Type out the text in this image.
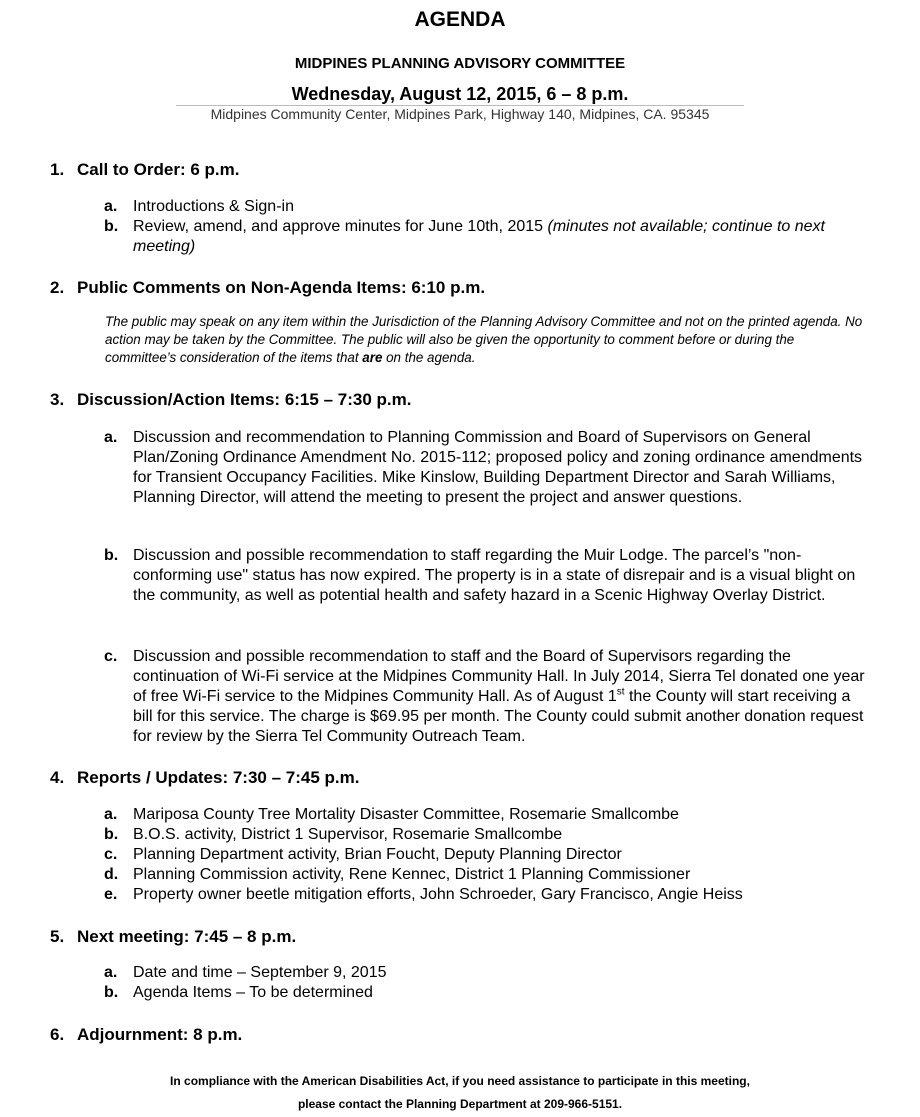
AGENDA
MIDPINES PLANNING ADVISORY COMMITTEE
Wednesday, August 12, 2015, 6 – 8 p.m.
Midpines Community Center, Midpines Park, Highway 140, Midpines, CA. 95345
1. Call to Order: 6 p.m.
a. Introductions & Sign-in
b. Review, amend, and approve minutes for June 10th, 2015 (minutes not available; continue to next meeting)
2. Public Comments on Non-Agenda Items: 6:10 p.m.
The public may speak on any item within the Jurisdiction of the Planning Advisory Committee and not on the printed agenda. No action may be taken by the Committee. The public will also be given the opportunity to comment before or during the committee’s consideration of the items that are on the agenda.
3. Discussion/Action Items: 6:15 – 7:30 p.m.
a. Discussion and recommendation to Planning Commission and Board of Supervisors on General Plan/Zoning Ordinance Amendment No. 2015-112; proposed policy and zoning ordinance amendments for Transient Occupancy Facilities. Mike Kinslow, Building Department Director and Sarah Williams, Planning Director, will attend the meeting to present the project and answer questions.
b. Discussion and possible recommendation to staff regarding the Muir Lodge. The parcel’s "non-conforming use" status has now expired. The property is in a state of disrepair and is a visual blight on the community, as well as potential health and safety hazard in a Scenic Highway Overlay District.
c. Discussion and possible recommendation to staff and the Board of Supervisors regarding the continuation of Wi-Fi service at the Midpines Community Hall. In July 2014, Sierra Tel donated one year of free Wi-Fi service to the Midpines Community Hall. As of August 1st the County will start receiving a bill for this service. The charge is $69.95 per month. The County could submit another donation request for review by the Sierra Tel Community Outreach Team.
4. Reports / Updates: 7:30 – 7:45 p.m.
a. Mariposa County Tree Mortality Disaster Committee, Rosemarie Smallcombe
b. B.O.S. activity, District 1 Supervisor, Rosemarie Smallcombe
c. Planning Department activity, Brian Foucht, Deputy Planning Director
d. Planning Commission activity, Rene Kennec, District 1 Planning Commissioner
e. Property owner beetle mitigation efforts, John Schroeder, Gary Francisco, Angie Heiss
5. Next meeting: 7:45 – 8 p.m.
a. Date and time – September 9, 2015
b. Agenda Items – To be determined
6. Adjournment: 8 p.m.
In compliance with the American Disabilities Act, if you need assistance to participate in this meeting,
please contact the Planning Department at 209-966-5151.
